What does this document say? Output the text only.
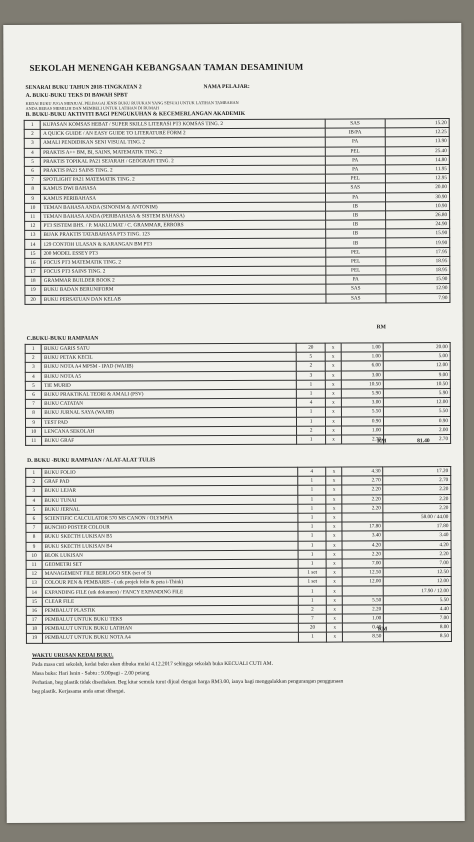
SEKOLAH MENENGAH KEBANGSAAN TAMAN DESAMINIUM
SENARAI BUKU TAHUN 2018-TINGKATAN 2	NAMA PELAJAR:
A. BUKU-BUKU TEKS DI BAWAH SPBT
KEDAI BUKU JUGA MENJUAL PELBAGAI JENIS BUKU RUJUKAN YANG SESUAI UNTUK LATIHAN TAMBAHAN
ANDA BEBAS MEMILIH DAN MEMBELI UNTUK LATIHAN DI RUMAH
B. BUKU-BUKU AKTIVITI BAGI PENGUKUHAN & KECEMERLANGAN AKADEMIK
1	KUPASAN KOMSAS HEBAT / SUPER SKILLS LITERASI PT3 KOMSAS TING. 2	SAS	15.20
2	A QUICK GUIDE / AN EASY GUIDE TO LITERATURE FORM 2	IB/PA	12.25
3	AMALI PENDIDIKAN SENI VISUAL TING. 2	PA	13.90
4	PRAKTIS A++ BM, BI, SAINS, MATEMATIK TING. 2	PEL	25.40
5	PRAKTIS TOPIKAL PA21 SEJARAH / GEOGRAFI TING. 2	PA	14.80
6	PRAKTIS PA21 SAINS TING. 2	PA	11.95
7	SPOTLIGHT PA21 MATEMATIK TING. 2	PEL	12.95
8	KAMUS DWI BAHASA	SAS	20.00
9	KAMUS PERIBAHASA	PA	30.90
10	TEMAN BAHASA ANDA (SINONIM & ANTONIM)	IB	10.90
11	TEMAN BAHASA ANDA (PERIBAHASA & SISTEM BAHASA)	IB	26.80
12	PT3 SISTEM BHS. / P. MAKLUMAT / C. GRAMMAR, ERRORS	IB	24.90
13	BIJAK PRAKTIS TATABAHASA PT3 TING. 123	IB	15.90
14	129 CONTOH ULASAN & KARANGAN BM PT3	IB	19.90
15	200 MODEL ESSEY PT3	PEL	17.95
16	FOCUS PT3 MATEMATIK TING. 2	PEL	18.95
17	FOCUS PT3 SAINS TING. 2	PEL	18.95
18	GRAMMAR BUILDER BOOK 2	PA	15.90
19	BUKU BADAN BERUNIFORM	SAS	12.90
20	BUKU PERSATUAN DAN KELAB	SAS	7.90
RM
C.BUKU-BUKU RAMPAIAN
1	BUKU GARIS SATU	20	x	1.00	20.00
2	BUKU PETAK KECIL	5	x	1.00	5.00
3	BUKU NOTA A4 MPSM - IPAD (WAJIB)	2	x	6.00	12.00
4	BUKU NOTA A5	3	x	3.00	9.00
5	TIE MURID	1	x	10.50	10.50
6	BUKU PRAKTIKAL TEORI & AMALI (PSV)	1	x	5.90	5.90
7	BUKU CATATAN	4	x	3.00	12.00
8	BUKU JURNAL SAYA (WAJIB)	1	x	5.50	5.50
9	TEST PAD	1	x	0.90	0.90
10	LENCANA SEKOLAH	2	x	1.00	2.00
11	BUKU GRAF	1	x	2.70	2.70
RM	81.40
D. BUKU -BUKU RAMPAIAN / ALAT-ALAT TULIS
1	BUKU FOLIO	4	x	4.30	17.20
2	GRAF PAD	1	x	2.70	2.70
3	BUKU LEJAR	1	x	2.20	2.20
4	BUKU TUNAI	1	x	2.20	2.20
5	BUKU JERNAL	1	x	2.20	2.20
6	SCIENTIFIC CALCULATOR 570 MS CANON / OLYMPIA	1	x		58.00 / 44.00
7	BUNCHO POSTER COLOUR	1	x	17.80	17.80
8	BUKU SKECTH LUKISAN B5	1	x	3.40	3.40
9	BUKU SKECTH LUKISAN B4	1	x	4.20	4.20
10	BLOK LUKISAN	1	x	2.20	2.20
11	GEOMETRI SET	1	x	7.00	7.00
12	MANAGEMENT FILE BERLOGO SEK (set of 5)	1 set	x	12.50	12.50
13	COLOUR PEN & PEMBARIS - ( utk projek folio & peta i-Think)	1 set	x	12.00	12.00
14	EXPANDING FILE (utk dokumen) / FANCY EXPANDING FILE	1	x		17.90 / 12.00
15	CLEAR FILE	1	x	5.50	5.50
16	PEMBALUT PLASTIK	2	x	2.20	4.40
17	PEMBALUT UNTUK BUKU TEKS	7	x	1.00	7.00
18	PEMBALUT UNTUK BUKU LATIHAN	20	x	0.40	8.00
19	PEMBALUT UNTUK BUKU NOTA A4	1	x	8.50	8.50
RM
WAKTU URUSAN KEDAI BUKU.
Pada masa cuti sekolah, kedai buku akan dibuka mulai 4.12.2017 sehingga sekolah buka KECUALI CUTI AM.
Masa buka: Hari Isnin - Sabtu : 9.00pagi - 2.00 petang
Perhatian, beg plastik tidak disediakan. Beg kitar semula turut dijual dengan harga RM3.00, ianya bagi menggalakkan pengurangan penggunaan
beg plastik. Kerjasama anda amat dihargai.
